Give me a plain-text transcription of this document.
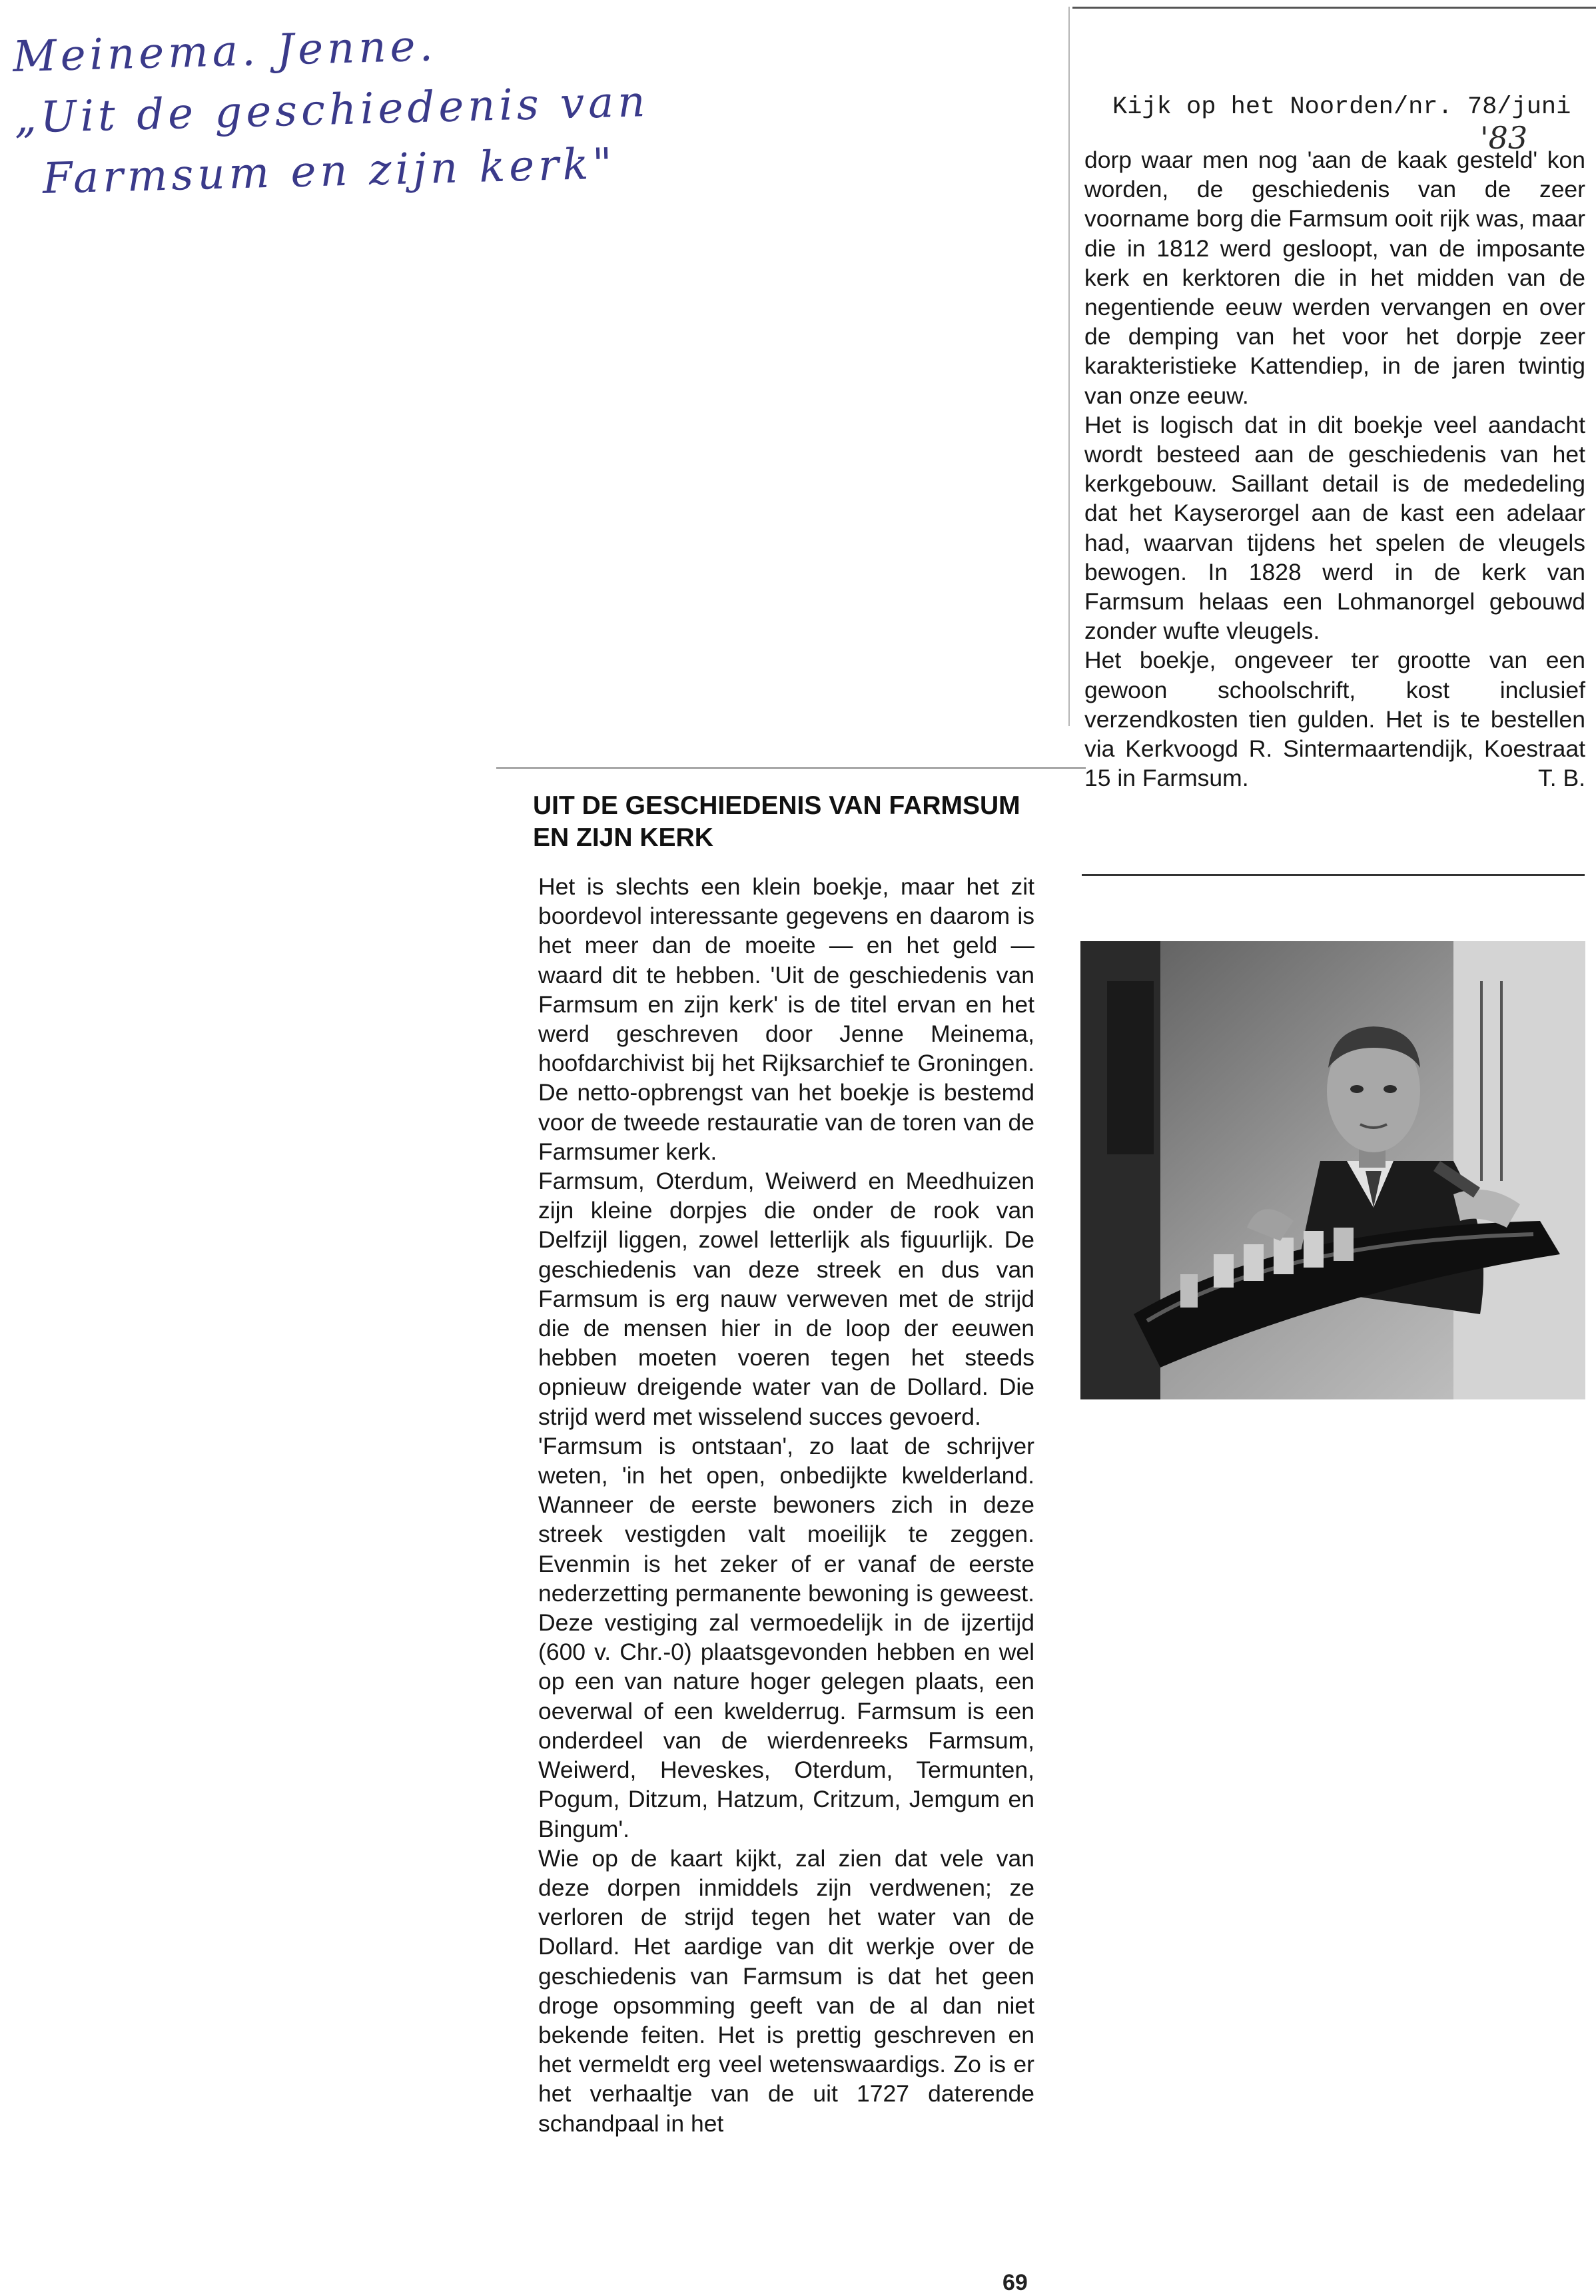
Meinema. Jenne.
„Uit de geschiedenis van
Farmsum en zijn kerk"
Kijk op het Noorden/nr. 78/juni
'83

dorp waar men nog 'aan de kaak gesteld' kon worden, de geschiedenis van de zeer voorname borg die Farmsum ooit rijk was, maar die in 1812 werd gesloopt, van de imposante kerk en kerktoren die in het midden van de negentiende eeuw werden vervangen en over de demping van het voor het dorpje zeer karakteristieke Kattendiep, in de jaren twintig van onze eeuw.

Het is logisch dat in dit boekje veel aandacht wordt besteed aan de geschiedenis van het kerkgebouw. Saillant detail is de mededeling dat het Kayserorgel aan de kast een adelaar had, waarvan tijdens het spelen de vleugels bewogen. In 1828 werd in de kerk van Farmsum helaas een Lohmanorgel gebouwd zonder wufte vleugels.

Het boekje, ongeveer ter grootte van een gewoon schoolschrift, kost inclusief verzendkosten tien gulden. Het is te bestellen via Kerkvoogd R. Sintermaartendijk, Koestraat 15 in Farmsum.	T. B.

UIT DE GESCHIEDENIS VAN FARMSUM EN ZIJN KERK

Het is slechts een klein boekje, maar het zit boordevol interessante gegevens en daarom is het meer dan de moeite — en het geld — waard dit te hebben. 'Uit de geschiedenis van Farmsum en zijn kerk' is de titel ervan en het werd geschreven door Jenne Meinema, hoofdarchivist bij het Rijksarchief te Groningen. De netto-opbrengst van het boekje is bestemd voor de tweede restauratie van de toren van de Farmsumer kerk.

Farmsum, Oterdum, Weiwerd en Meedhuizen zijn kleine dorpjes die onder de rook van Delfzijl liggen, zowel letterlijk als figuurlijk. De geschiedenis van deze streek en dus van Farmsum is erg nauw verweven met de strijd die de mensen hier in de loop der eeuwen hebben moeten voeren tegen het steeds opnieuw dreigende water van de Dollard. Die strijd werd met wisselend succes gevoerd.

'Farmsum is ontstaan', zo laat de schrijver weten, 'in het open, onbedijkte kwelderland. Wanneer de eerste bewoners zich in deze streek vestigden valt moeilijk te zeggen. Evenmin is het zeker of er vanaf de eerste nederzetting permanente bewoning is geweest. Deze vestiging zal vermoedelijk in de ijzertijd (600 v. Chr.-0) plaatsgevonden hebben en wel op een van nature hoger gelegen plaats, een oeverwal of een kwelderrug. Farmsum is een onderdeel van de wierdenreeks Farmsum, Weiwerd, Heveskes, Oterdum, Termunten, Pogum, Ditzum, Hatzum, Critzum, Jemgum en Bingum'.

Wie op de kaart kijkt, zal zien dat vele van deze dorpen inmiddels zijn verdwenen; ze verloren de strijd tegen het water van de Dollard. Het aardige van dit werkje over de geschiedenis van Farmsum is dat het geen droge opsomming geeft van de al dan niet bekende feiten. Het is prettig geschreven en het vermeldt erg veel wetenswaardigs. Zo is er het verhaaltje van de uit 1727 daterende schandpaal in het

69
